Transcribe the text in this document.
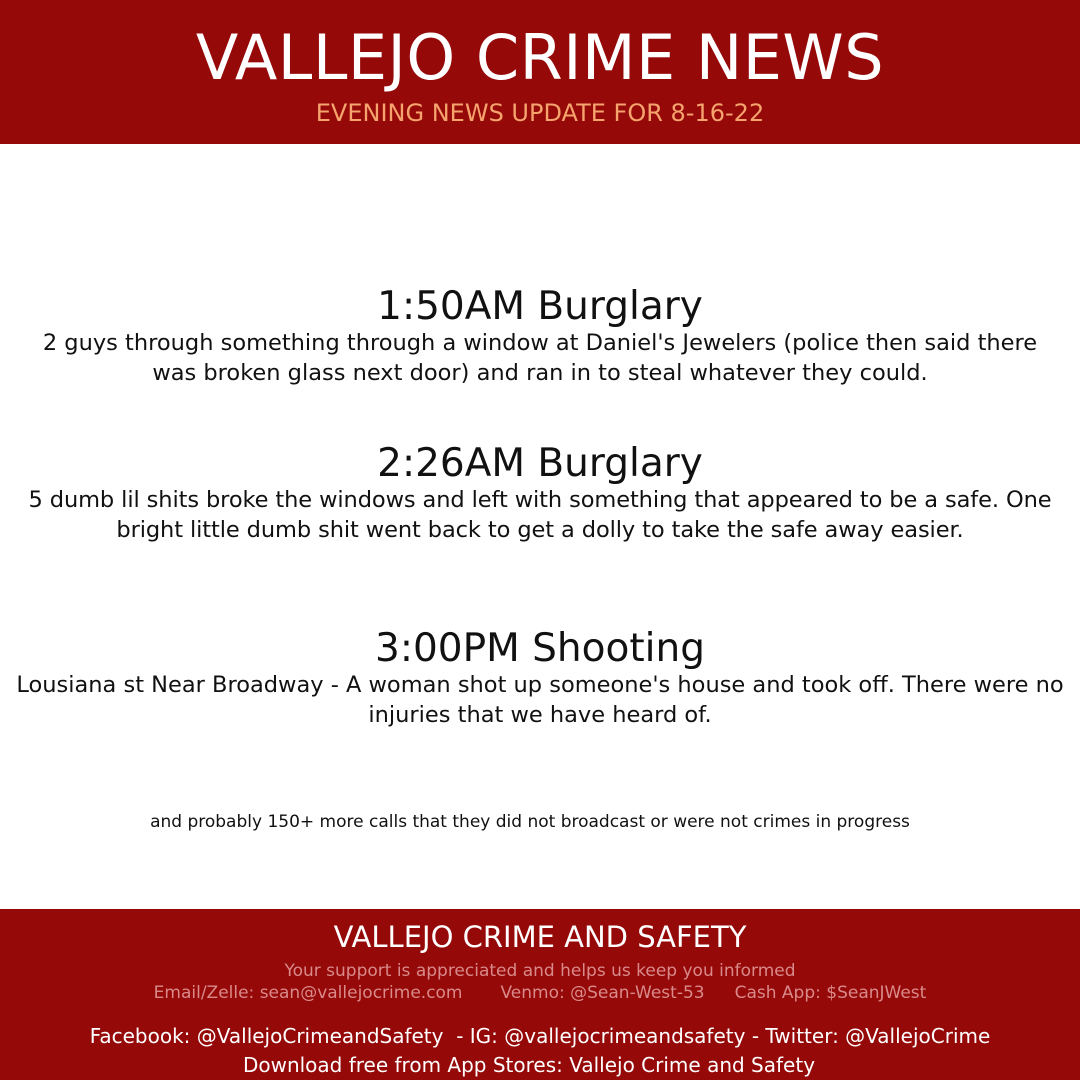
VALLEJO CRIME NEWS
EVENING NEWS UPDATE FOR 8-16-22
1:50AM Burglary
2 guys through something through a window at Daniel's Jewelers (police then said there was broken glass next door) and ran in to steal whatever they could.
2:26AM Burglary
5 dumb lil shits broke the windows and left with something that appeared to be a safe. One bright little dumb shit went back to get a dolly to take the safe away easier.
3:00PM Shooting
Lousiana st Near Broadway - A woman shot up someone's house and took off. There were no injuries that we have heard of.
and probably 150+ more calls that they did not broadcast or were not crimes in progress
VALLEJO CRIME AND SAFETY
Your support is appreciated and helps us keep you informed
Email/Zelle: sean@vallejocrime.com Venmo: @Sean-West-53 Cash App: $SeanJWest
Facebook: @VallejoCrimeandSafety  - IG: @vallejocrimeandsafety - Twitter: @VallejoCrime
Download free from App Stores: Vallejo Crime and Safety
